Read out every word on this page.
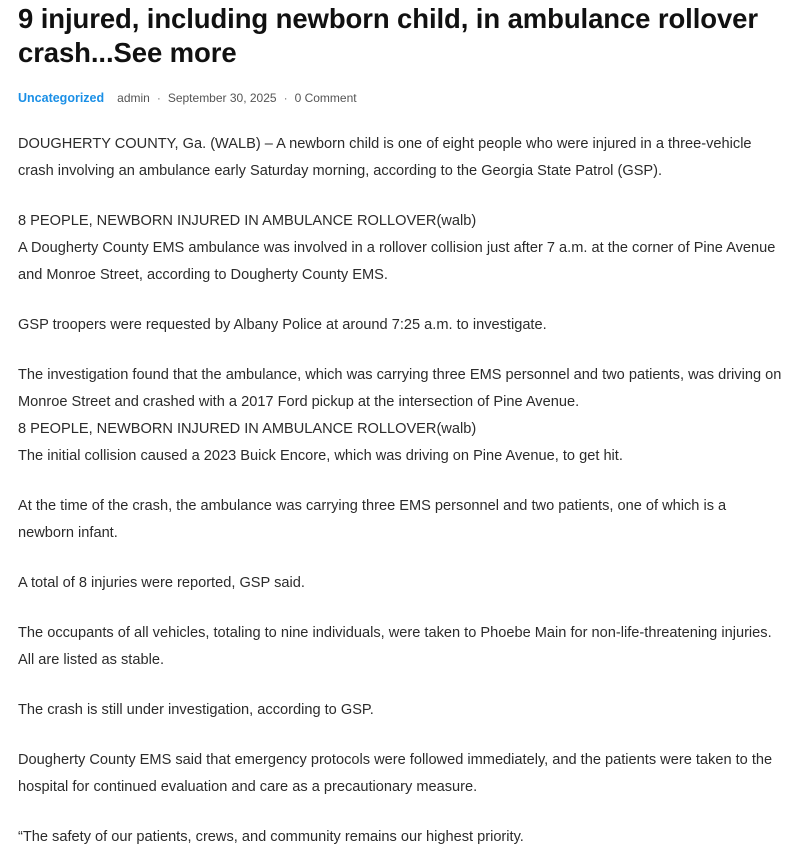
9 injured, including newborn child, in ambulance rollover crash...See more
Uncategorized admin · September 30, 2025 · 0 Comment

DOUGHERTY COUNTY, Ga. (WALB) – A newborn child is one of eight people who were injured in a three-vehicle crash involving an ambulance early Saturday morning, according to the Georgia State Patrol (GSP).

8 PEOPLE, NEWBORN INJURED IN AMBULANCE ROLLOVER(walb)
A Dougherty County EMS ambulance was involved in a rollover collision just after 7 a.m. at the corner of Pine Avenue and Monroe Street, according to Dougherty County EMS.

GSP troopers were requested by Albany Police at around 7:25 a.m. to investigate.

The investigation found that the ambulance, which was carrying three EMS personnel and two patients, was driving on Monroe Street and crashed with a 2017 Ford pickup at the intersection of Pine Avenue.
8 PEOPLE, NEWBORN INJURED IN AMBULANCE ROLLOVER(walb)
The initial collision caused a 2023 Buick Encore, which was driving on Pine Avenue, to get hit.

At the time of the crash, the ambulance was carrying three EMS personnel and two patients, one of which is a newborn infant.

A total of 8 injuries were reported, GSP said.

The occupants of all vehicles, totaling to nine individuals, were taken to Phoebe Main for non-life-threatening injuries. All are listed as stable.

The crash is still under investigation, according to GSP.

Dougherty County EMS said that emergency protocols were followed immediately, and the patients were taken to the hospital for continued evaluation and care as a precautionary measure.

“The safety of our patients, crews, and community remains our highest priority.
